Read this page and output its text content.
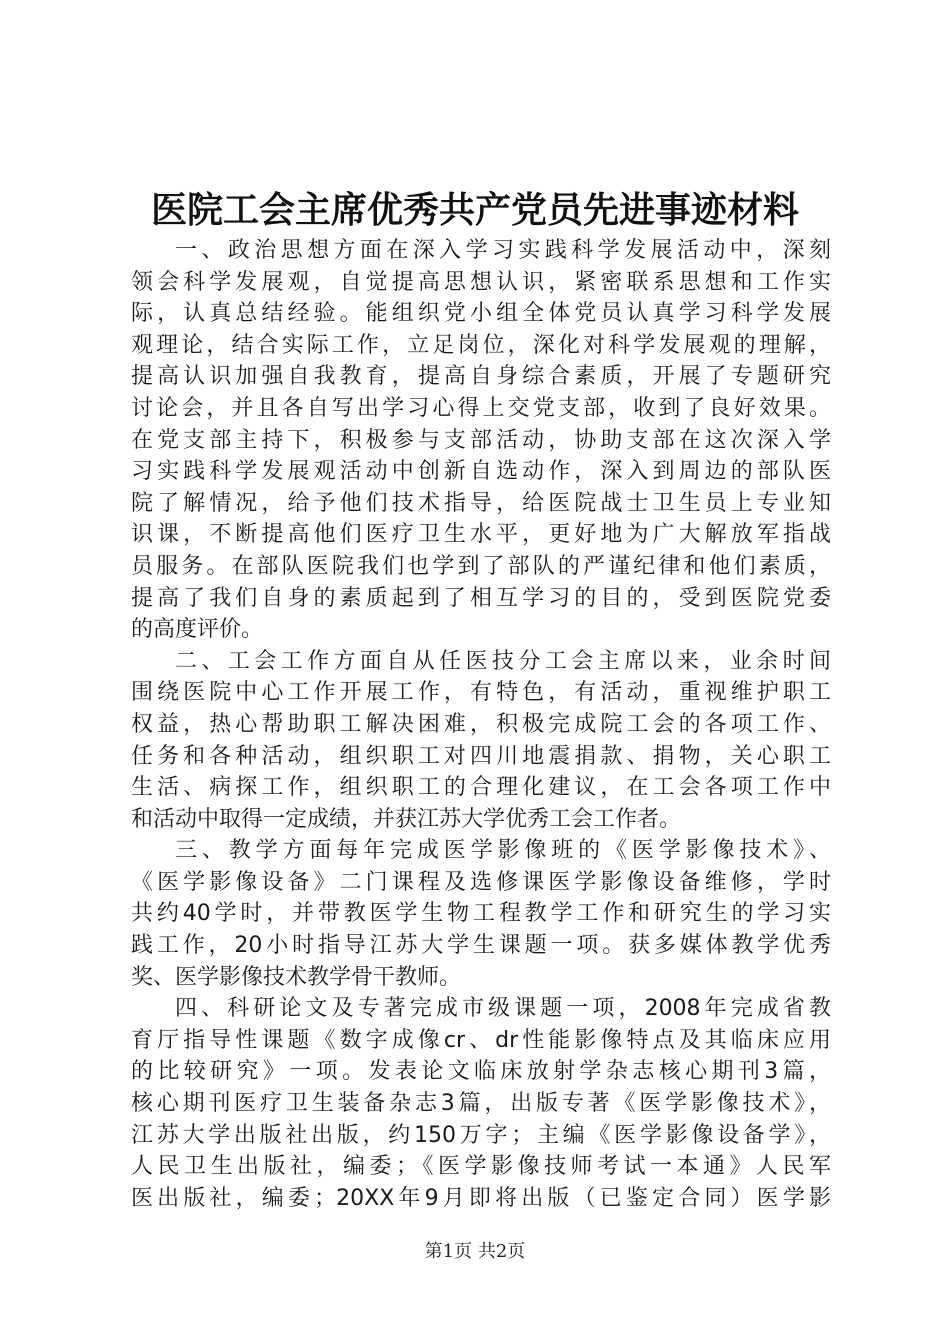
医院工会主席优秀共产党员先进事迹材料
一、政治思想方面在深入学习实践科学发展活动中，深刻
领会科学发展观，自觉提高思想认识，紧密联系思想和工作实
际，认真总结经验。能组织党小组全体党员认真学习科学发展
观理论，结合实际工作，立足岗位，深化对科学发展观的理解，
提高认识加强自我教育，提高自身综合素质，开展了专题研究
讨论会，并且各自写出学习心得上交党支部，收到了良好效果。
在党支部主持下，积极参与支部活动，协助支部在这次深入学
习实践科学发展观活动中创新自选动作，深入到周边的部队医
院了解情况，给予他们技术指导，给医院战士卫生员上专业知
识课，不断提高他们医疗卫生水平，更好地为广大解放军指战
员服务。在部队医院我们也学到了部队的严谨纪律和他们素质，
提高了我们自身的素质起到了相互学习的目的，受到医院党委
的高度评价。
二、工会工作方面自从任医技分工会主席以来，业余时间
围绕医院中心工作开展工作，有特色，有活动，重视维护职工
权益，热心帮助职工解决困难，积极完成院工会的各项工作、
任务和各种活动，组织职工对四川地震捐款、捐物，关心职工
生活、病探工作，组织职工的合理化建议，在工会各项工作中
和活动中取得一定成绩，并获江苏大学优秀工会工作者。
三、教学方面每年完成医学影像班的《医学影像技术》、
《医学影像设备》二门课程及选修课医学影像设备维修，学时
共约40学时，并带教医学生物工程教学工作和研究生的学习实
践工作，20小时指导江苏大学生课题一项。获多媒体教学优秀
奖、医学影像技术教学骨干教师。
四、科研论文及专著完成市级课题一项，2008年完成省教
育厅指导性课题《数字成像cr、dr性能影像特点及其临床应用
的比较研究》一项。发表论文临床放射学杂志核心期刊3篇，
核心期刊医疗卫生装备杂志3篇，出版专著《医学影像技术》，
江苏大学出版社出版，约150万字；主编《医学影像设备学》，
人民卫生出版社，编委；《医学影像技师考试一本通》人民军
医出版社，编委；20XX年9月即将出版（已鉴定合同）医学影
第1页 共2页
